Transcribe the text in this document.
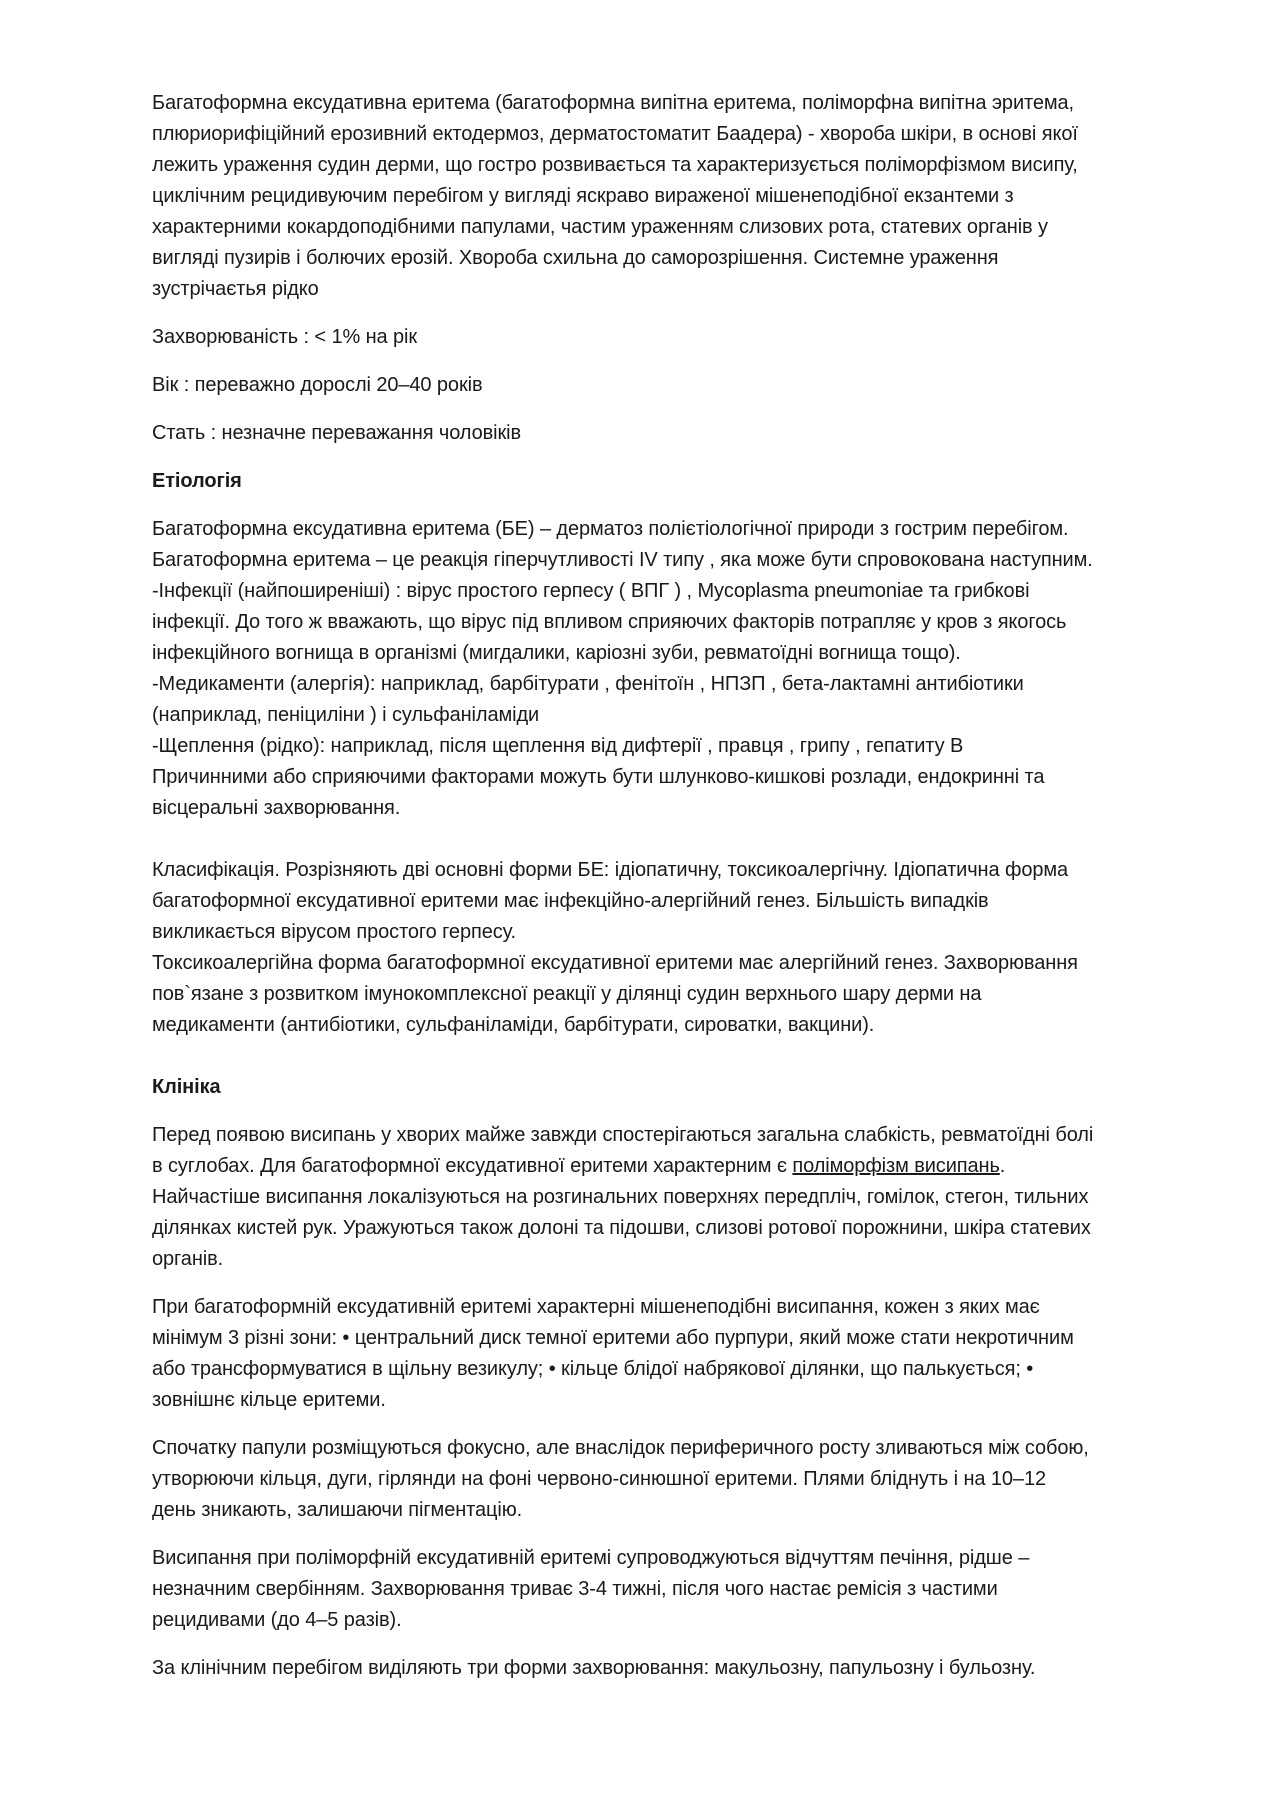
Багатоформна ексудативна еритема (багатоформна випітна еритема, поліморфна випітна эритема,
плюриорифіційний ерозивний ектодермоз, дерматостоматит Баадера) - хвороба шкіри, в основі якої
лежить ураження судин дерми, що гостро розвивається та характеризується поліморфізмом висипу,
циклічним рецидивуючим перебігом у вигляді яскраво вираженої мішенеподібної екзантеми з
характерними кокардоподібними папулами, частим ураженням слизових рота, статевих органів у
вигляді пузирів і болючих ерозій. Хвороба схильна до саморозрішення. Системне ураження
зустрічаєтья рідко

Захворюваність : < 1% на рік

Вік : переважно дорослі 20–40 років

Стать : незначне переважання чоловіків

Етіологія

Багатоформна ексудативна еритема (БЕ) – дерматоз полієтіологічної природи з гострим перебігом.
Багатоформна еритема – це реакція гіперчутливості IV типу , яка може бути спровокована наступним.
-Інфекції (найпоширеніші) : вірус простого герпесу ( ВПГ ) , Mycoplasma pneumoniae та грибкові
інфекції. До того ж вважають, що вірус під впливом сприяючих факторів потрапляє у кров з якогось
інфекційного вогнища в організмі (мигдалики, каріозні зуби, ревматоїдні вогнища тощо).
-Медикаменти (алергія): наприклад, барбітурати , фенітоїн , НПЗП , бета-лактамні антибіотики
(наприклад, пеніциліни ) і сульфаніламіди
-Щеплення (рідко): наприклад, після щеплення від дифтерії , правця , грипу , гепатиту В
Причинними або сприяючими факторами можуть бути шлунково-кишкові розлади, ендокринні та
вісцеральні захворювання.
Класифікація. Розрізняють дві основні форми БЕ: ідіопатичну, токсикоалергічну. Ідіопатична форма
багатоформної ексудативної еритеми має інфекційно-алергійний генез. Більшість випадків
викликається вірусом простого герпесу.
Токсикоалергійна форма багатоформної ексудативної еритеми має алергійний генез. Захворювання
пов`язане з розвитком імунокомплексної реакції у ділянці судин верхнього шару дерми на
медикаменти (антибіотики, сульфаніламіди, барбітурати, сироватки, вакцини).
Клініка

Перед появою висипань у хворих майже завжди спостерігаються загальна слабкість, ревматоїдні болі
в суглобах. Для багатоформної ексудативної еритеми характерним є поліморфізм висипань.
Найчастіше висипання локалізуються на розгинальних поверхнях передпліч, гомілок, стегон, тильних
ділянках кистей рук. Уражуються також долоні та підошви, слизові ротової порожнини, шкіра статевих
органів.

При багатоформній ексудативній еритемі характерні мішенеподібні висипання, кожен з яких має
мінімум 3 різні зони: • центральний диск темної еритеми або пурпури, який може стати некротичним
або трансформуватися в щільну везикулу; • кільце блідої набрякової ділянки, що палькується; •
зовнішнє кільце еритеми.

Спочатку папули розміщуються фокусно, але внаслідок периферичного росту зливаються між собою,
утворюючи кільця, дуги, гірлянди на фоні червоно-синюшної еритеми. Плями блідн​уть і на 10–12
день зникають, залишаючи пігментацію.

Висипання при поліморфній ексудативній еритемі супроводжуються відчуттям печіння, рідше –
незначним свербінням. Захворювання триває 3-4 тижні, після чого настає ремісія з частими
рецидивами (до 4–5 разів).

За клінічним перебігом виділяють три форми захворювання: макульозну, папульозну і бульозну.
